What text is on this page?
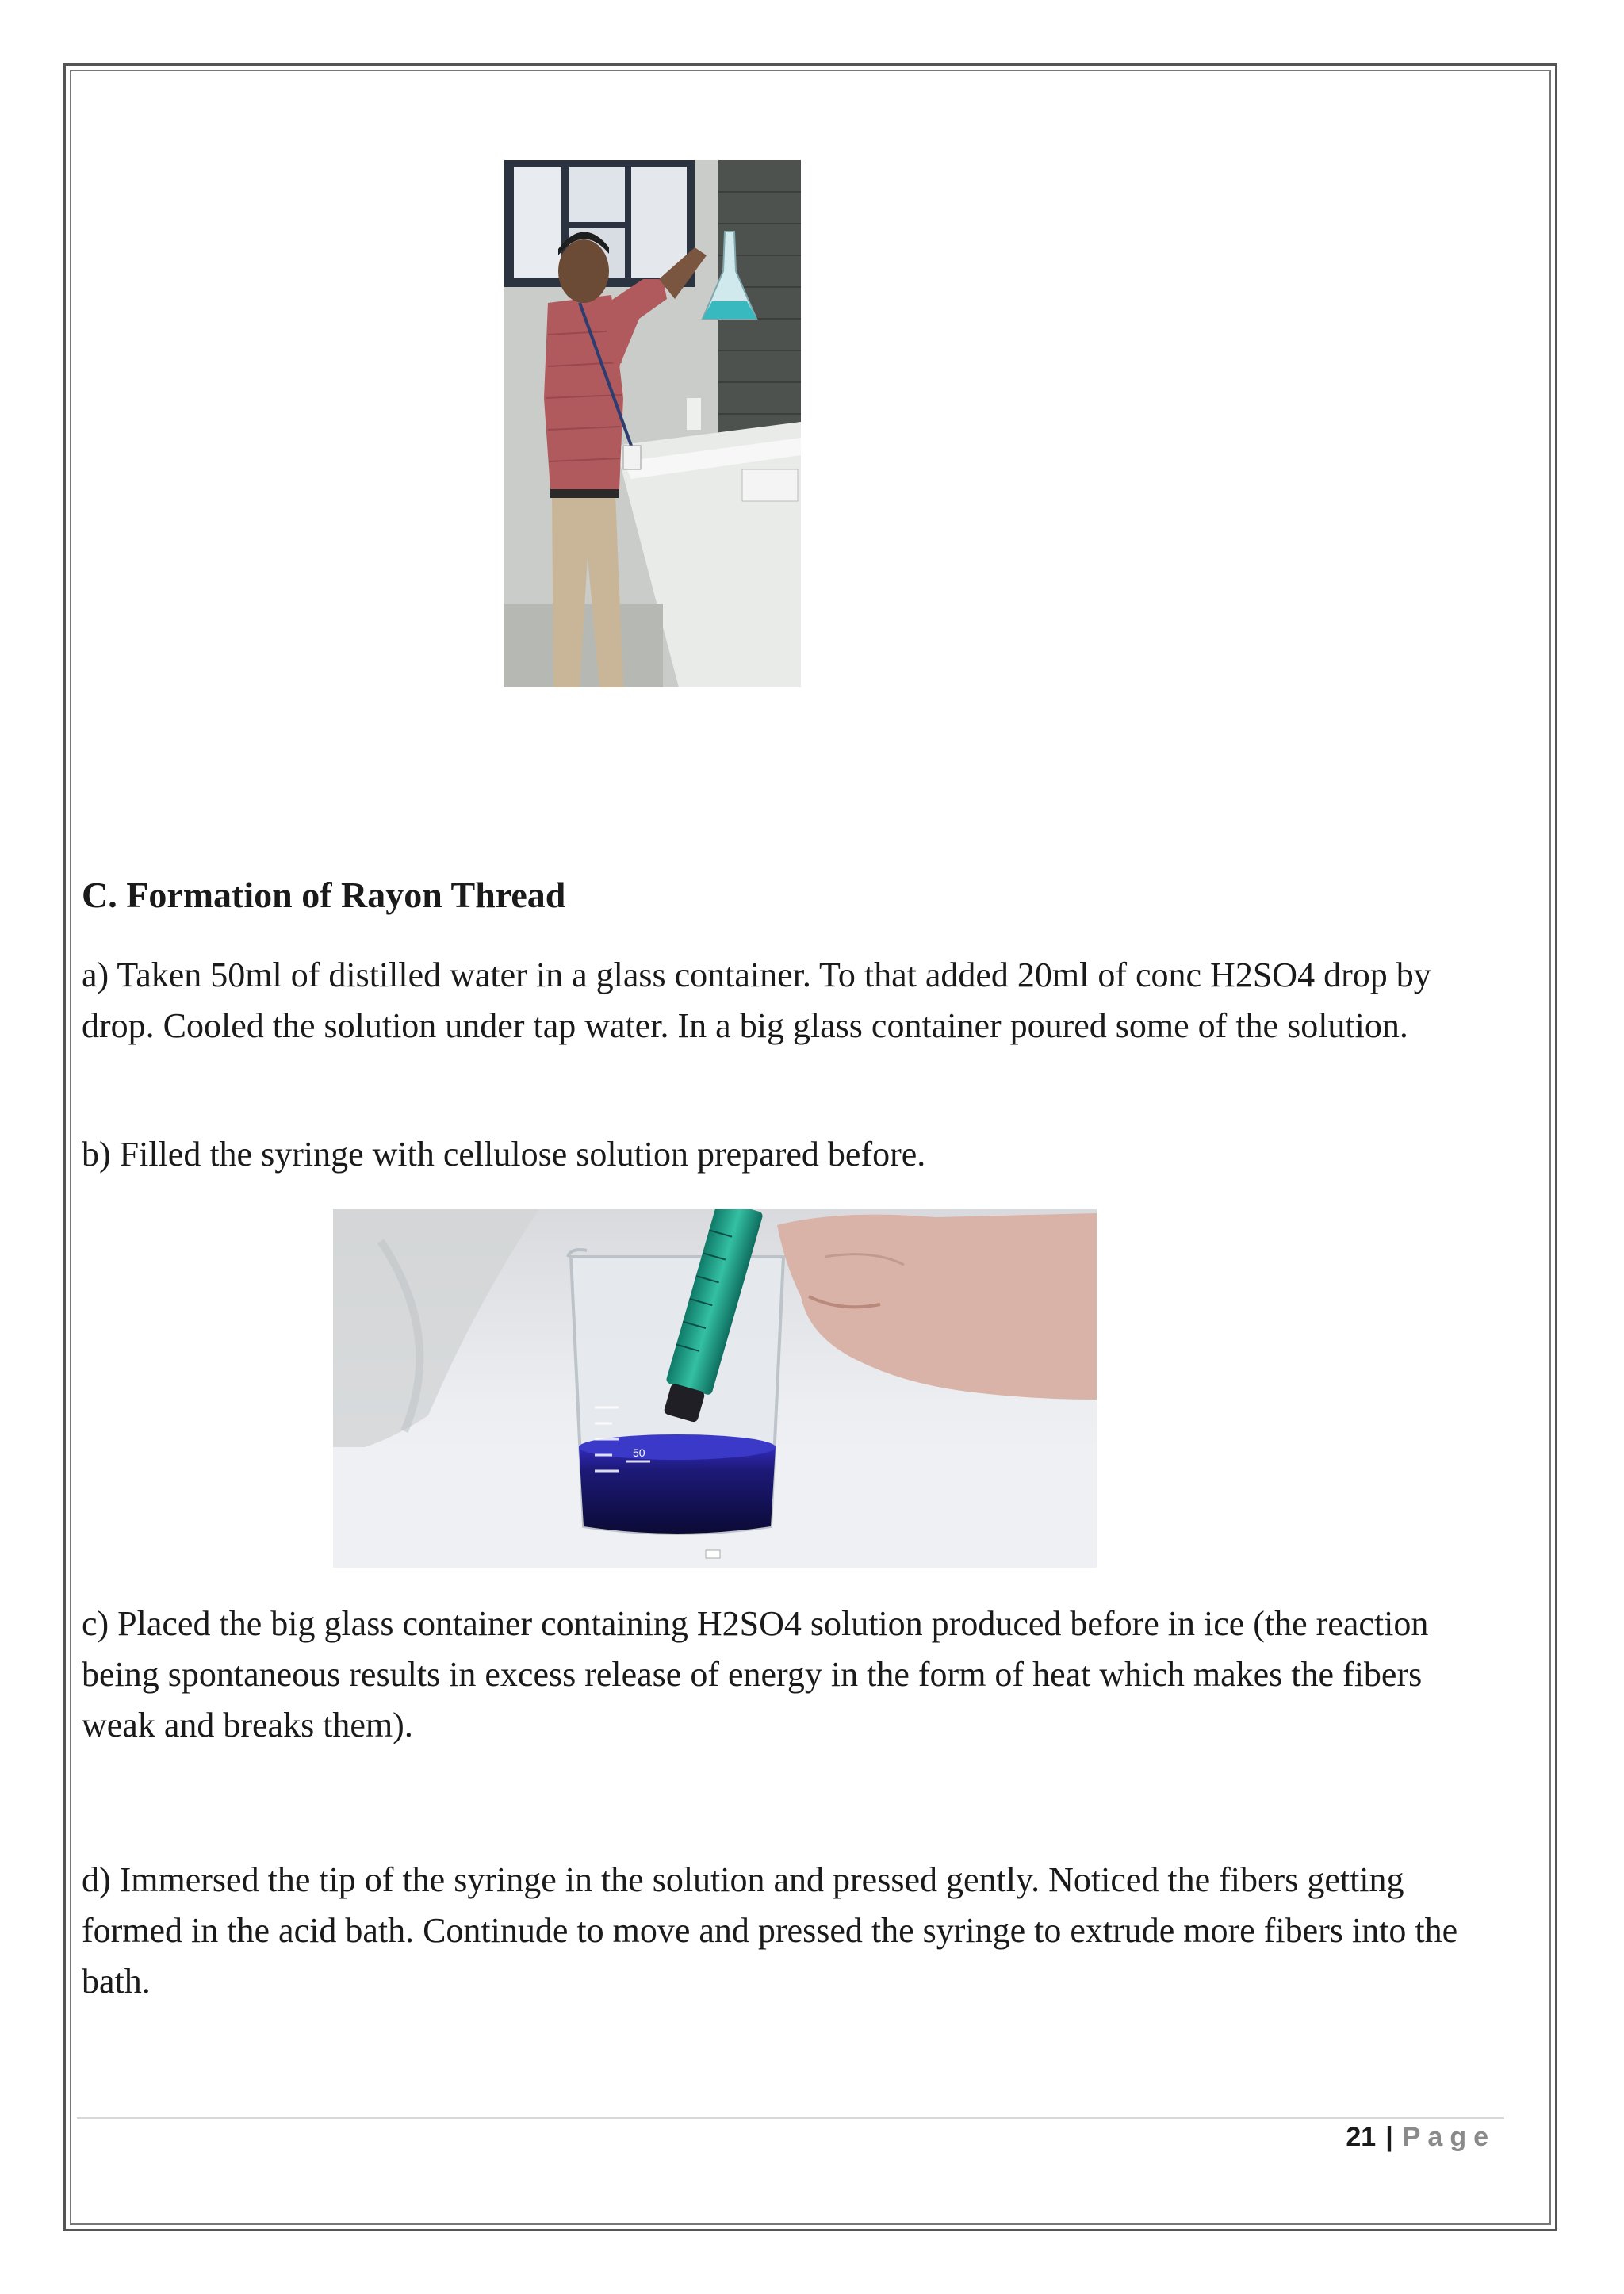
C. Formation of Rayon Thread

a) Taken 50ml of distilled water in a glass container. To that added 20ml of conc H2SO4 drop by drop. Cooled the solution under tap water. In a big glass container poured some of the solution.

b) Filled the syringe with cellulose solution prepared before.

50

c) Placed the big glass container containing H2SO4 solution produced before in ice (the reaction being spontaneous results in excess release of energy in the form of heat which makes the fibers weak and breaks them).

d) Immersed the tip of the syringe in the solution and pressed gently. Noticed the fibers getting formed in the acid bath. Continude to move and pressed the syringe to extrude more fibers into the bath.

21 | Page
